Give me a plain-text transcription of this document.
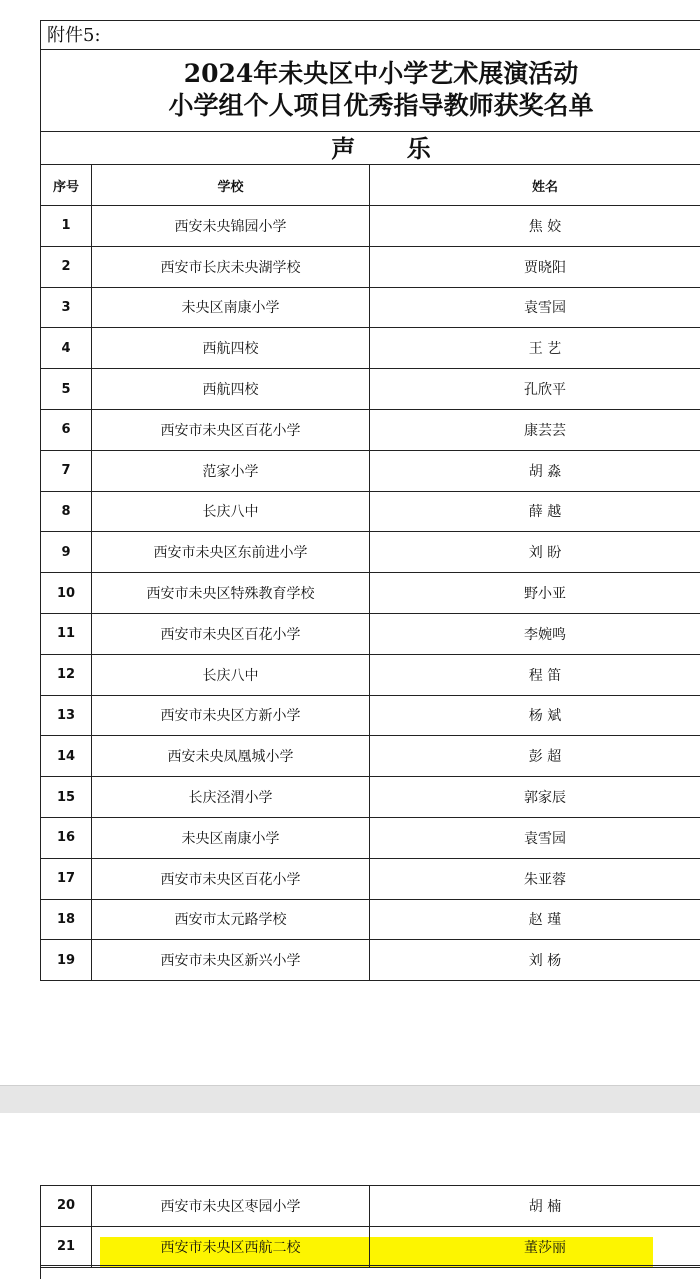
附件5:
2024年未央区中小学艺术展演活动
小学组个人项目优秀指导教师获奖名单
声 乐
序号	学校	姓名
1	西安未央锦园小学	焦 姣
2	西安市长庆未央湖学校	贾晓阳
3	未央区南康小学	袁雪园
4	西航四校	王 艺
5	西航四校	孔欣平
6	西安市未央区百花小学	康芸芸
7	范家小学	胡 淼
8	长庆八中	薛 越
9	西安市未央区东前进小学	刘 盼
10	西安市未央区特殊教育学校	野小亚
11	西安市未央区百花小学	李婉鸣
12	长庆八中	程 笛
13	西安市未央区方新小学	杨 斌
14	西安未央凤凰城小学	彭 超
15	长庆泾渭小学	郭家辰
16	未央区南康小学	袁雪园
17	西安市未央区百花小学	朱亚蓉
18	西安市太元路学校	赵 瑾
19	西安市未央区新兴小学	刘 杨
20	西安市未央区枣园小学	胡 楠
21	西安市未央区西航二校	董莎丽
